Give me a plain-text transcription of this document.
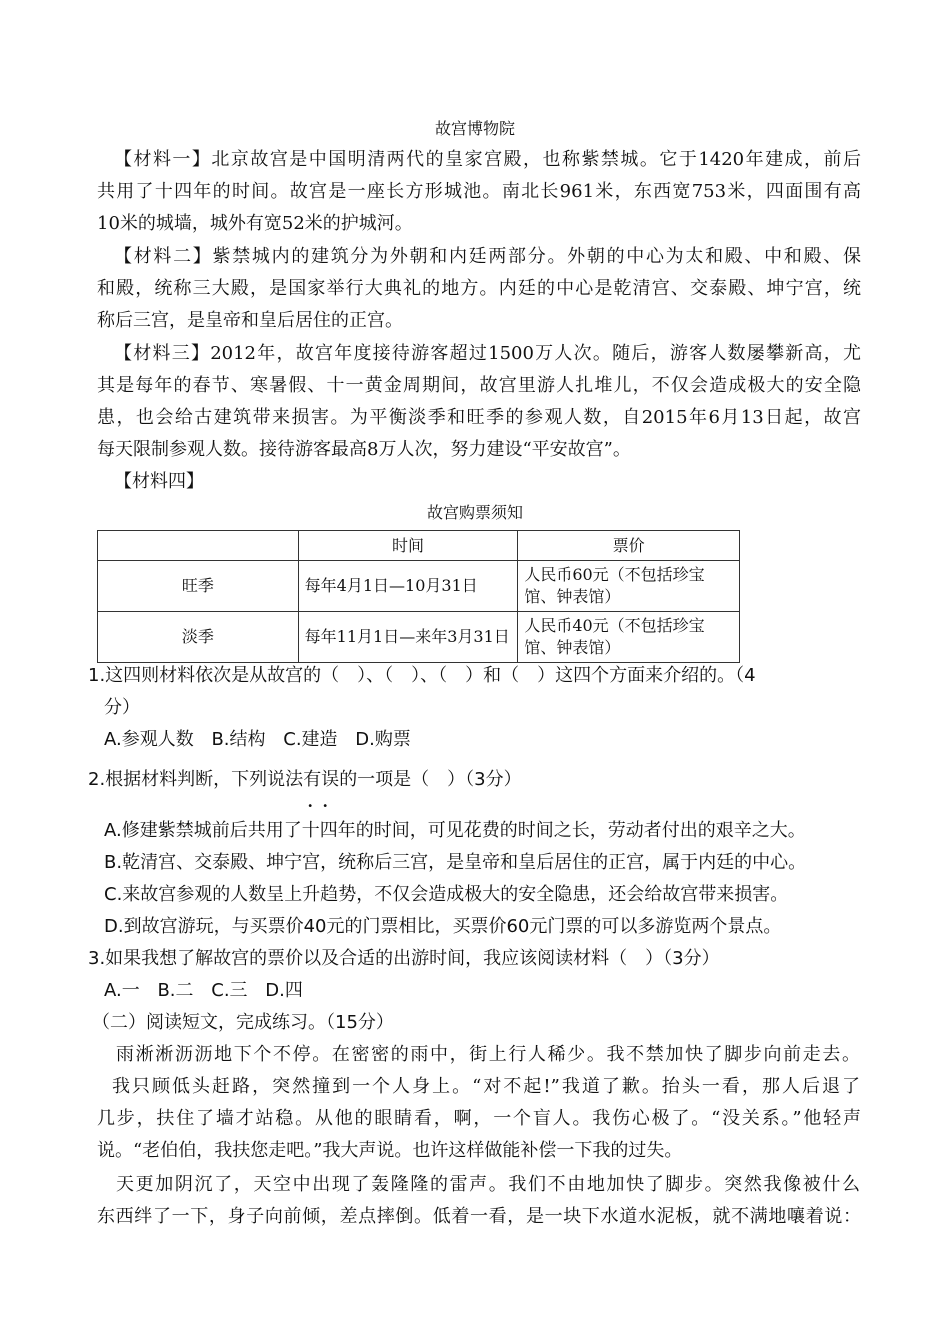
故宫博物院
【材料一】北京故宫是中国明清两代的皇家宫殿，也称紫禁城。它于1420年建成，前后
共用了十四年的时间。故宫是一座长方形城池。南北长961米，东西宽753米，四面围有高
10米的城墙，城外有宽52米的护城河。
【材料二】紫禁城内的建筑分为外朝和内廷两部分。外朝的中心为太和殿、中和殿、保
和殿，统称三大殿，是国家举行大典礼的地方。内廷的中心是乾清宫、交泰殿、坤宁宫，统
称后三宫，是皇帝和皇后居住的正宫。
【材料三】2012年，故宫年度接待游客超过1500万人次。随后，游客人数屡攀新高，尤
其是每年的春节、寒暑假、十一黄金周期间，故宫里游人扎堆儿，不仅会造成极大的安全隐
患，也会给古建筑带来损害。为平衡淡季和旺季的参观人数，自2015年6月13日起，故宫
每天限制参观人数。接待游客最高8万人次，努力建设“平安故宫”。
【材料四】
故宫购票须知
	时间	票价
旺季	每年4月1日—10月31日	人民币60元（不包括珍宝馆、钟表馆）
淡季	每年11月1日—来年3月31日	人民币40元（不包括珍宝馆、钟表馆）
1.这四则材料依次是从故宫的（　）、（　）、（　）和（　）这四个方面来介绍的。（4
分）
A.参观人数 B.结构 C.建造 D.购票
2.根据材料判断，下列说法有误 • •的一项是（　）（3分）
A.修建紫禁城前后共用了十四年的时间，可见花费的时间之长，劳动者付出的艰辛之大。
B.乾清宫、交泰殿、坤宁宫，统称后三宫，是皇帝和皇后居住的正宫，属于内廷的中心。
C.来故宫参观的人数呈上升趋势，不仅会造成极大的安全隐患，还会给故宫带来损害。
D.到故宫游玩，与买票价40元的门票相比，买票价60元门票的可以多游览两个景点。
3.如果我想了解故宫的票价以及合适的出游时间，我应该阅读材料（　）（3分）
A.一 B.二 C.三 D.四
（二）阅读短文，完成练习。（15分）
雨淅淅沥沥地下个不停。在密密的雨中，街上行人稀少。我不禁加快了脚步向前走去。
我只顾低头赶路，突然撞到一个人身上。“对不起!”我道了歉。抬头一看，那人后退了
几步，扶住了墙才站稳。从他的眼睛看，啊，一个盲人。我伤心极了。“没关系。”他轻声
说。“老伯伯，我扶您走吧。”我大声说。也许这样做能补偿一下我的过失。
天更加阴沉了，天空中出现了轰隆隆的雷声。我们不由地加快了脚步。突然我像被什么
东西绊了一下，身子向前倾，差点摔倒。低着一看，是一块下水道水泥板，就不满地嚷着说：
